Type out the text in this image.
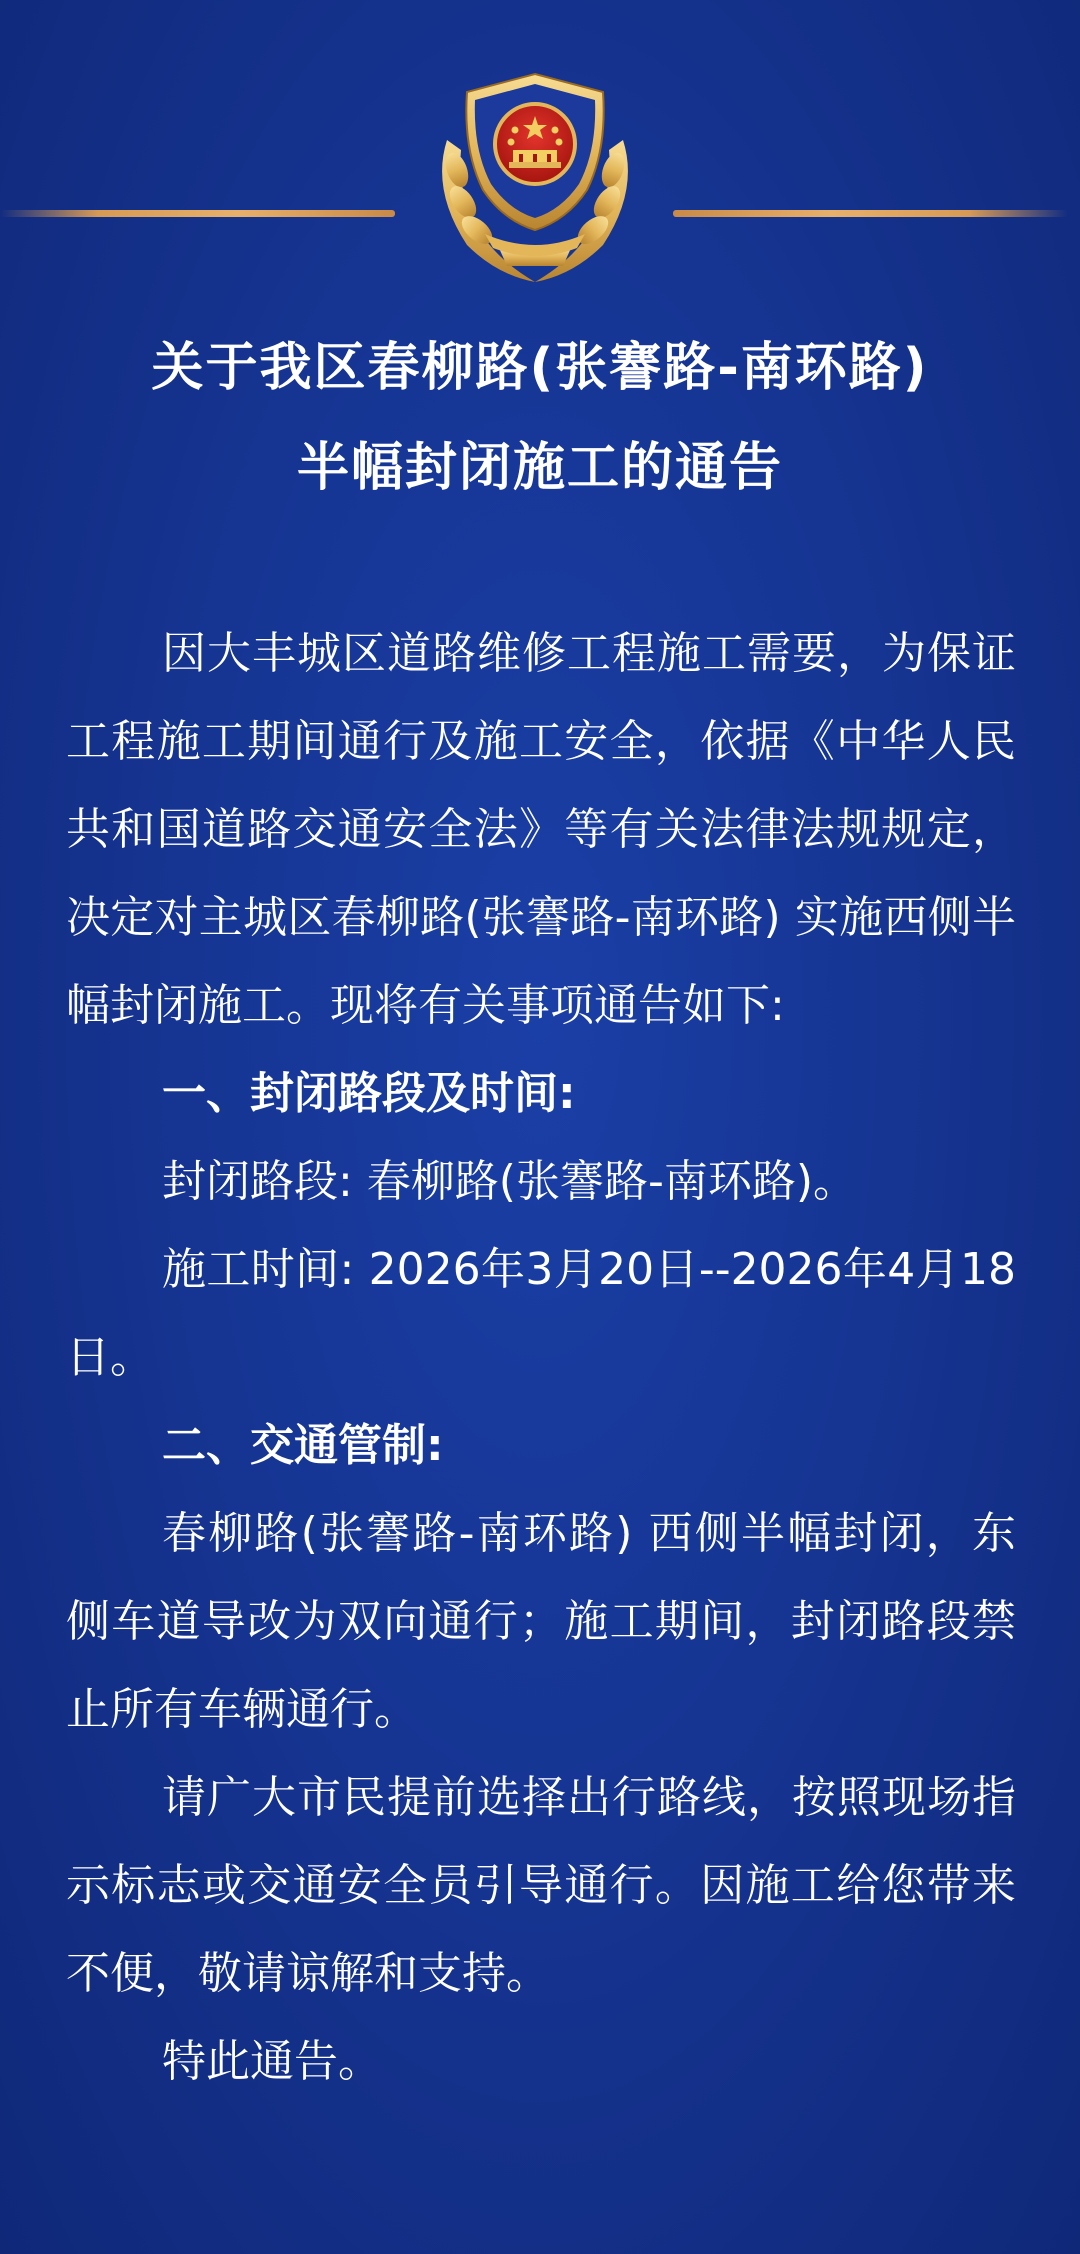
关于我区春柳路(张謇路-南环路)
半幅封闭施工的通告

因大丰城区道路维修工程施工需要，为保证工程施工期间通行及施工安全，依据《中华人民共和国道路交通安全法》等有关法律法规规定，决定对主城区春柳路(张謇路-南环路) 实施西侧半幅封闭施工。现将有关事项通告如下:

一、封闭路段及时间:

封闭路段: 春柳路(张謇路-南环路)。

施工时间: 2026年3月20日--2026年4月18日。

二、交通管制:

春柳路(张謇路-南环路) 西侧半幅封闭，东侧车道导改为双向通行；施工期间，封闭路段禁止所有车辆通行。

请广大市民提前选择出行路线，按照现场指示标志或交通安全员引导通行。因施工给您带来不便，敬请谅解和支持。

特此通告。
